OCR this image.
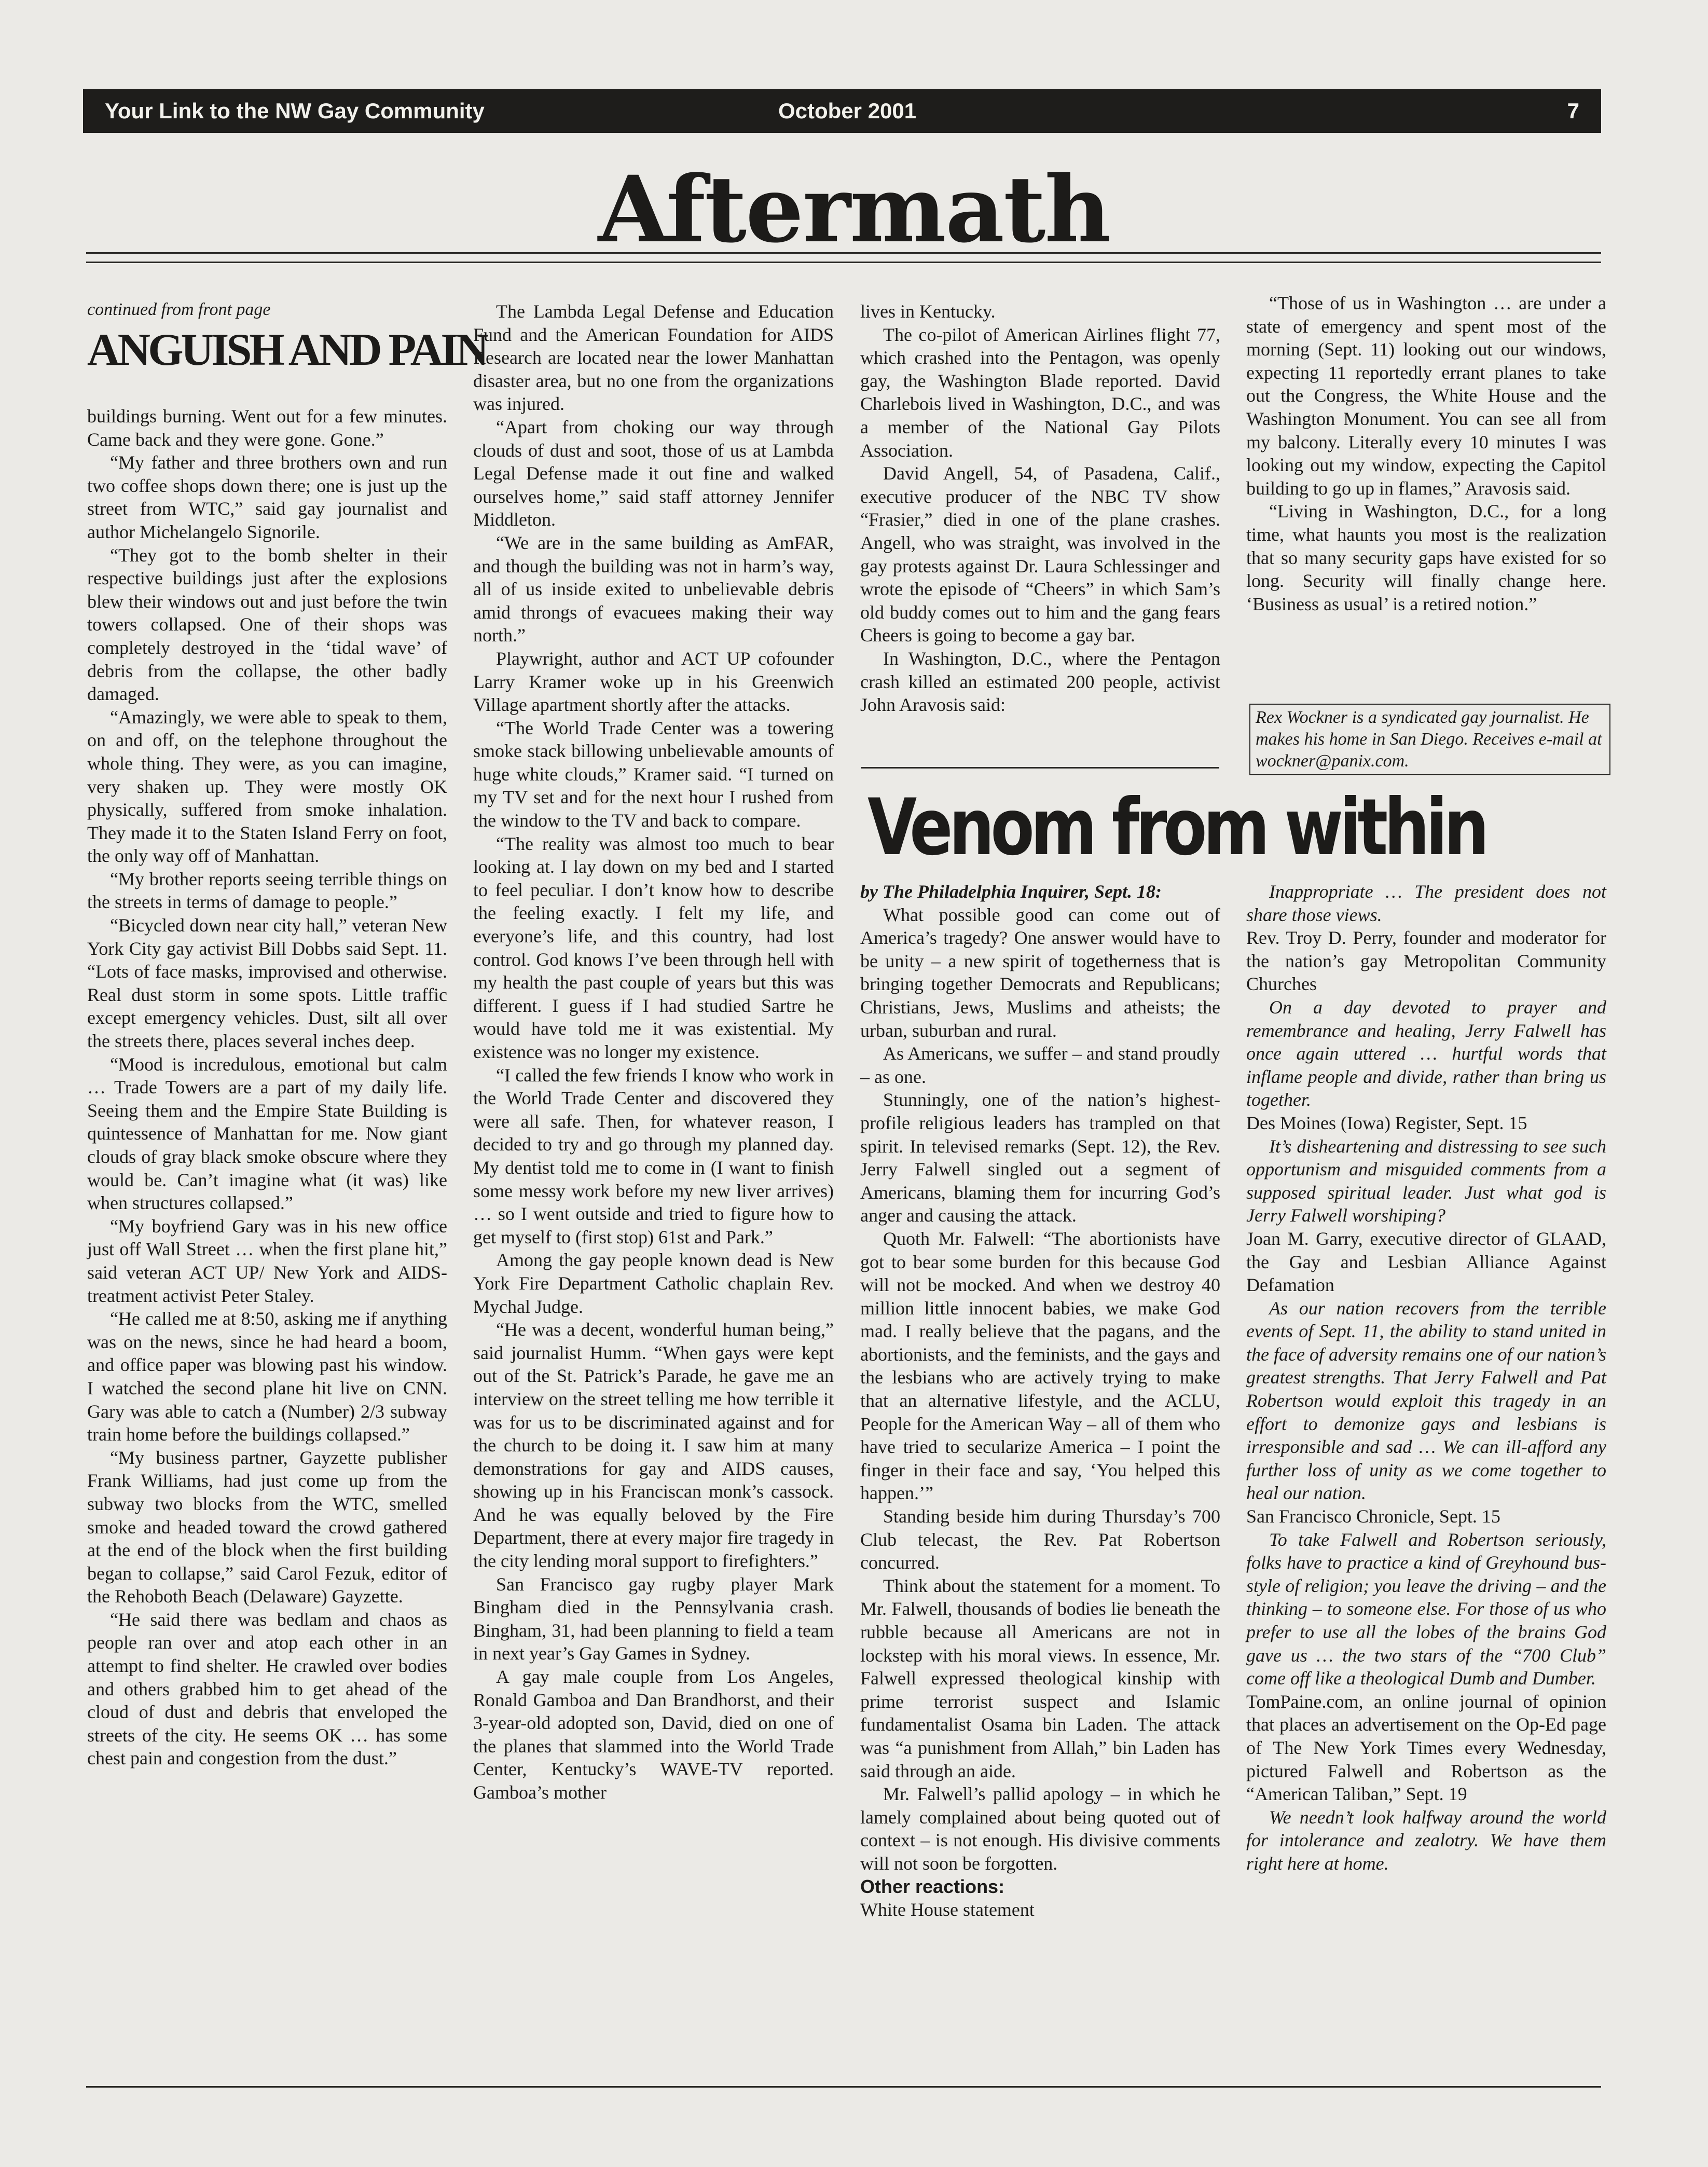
Your Link to the NW Gay Community	October 2001	7
Aftermath
continued from front page
ANGUISH AND PAIN

buildings burning. Went out for a few minutes. Came back and they were gone. Gone.”

“My father and three brothers own and run two coffee shops down there; one is just up the street from WTC,” said gay journalist and author Michelangelo Signorile.

“They got to the bomb shelter in their respective buildings just after the explosions blew their windows out and just before the twin towers collapsed. One of their shops was completely destroyed in the ‘tidal wave’ of debris from the collapse, the other badly damaged.

“Amazingly, we were able to speak to them, on and off, on the telephone throughout the whole thing. They were, as you can imagine, very shaken up. They were mostly OK physically, suffered from smoke inhalation. They made it to the Staten Island Ferry on foot, the only way off of Manhattan.

“My brother reports seeing terrible things on the streets in terms of damage to people.”

“Bicycled down near city hall,” veteran New York City gay activist Bill Dobbs said Sept. 11. “Lots of face masks, improvised and otherwise. Real dust storm in some spots. Little traffic except emergency vehicles. Dust, silt all over the streets there, places several inches deep.

“Mood is incredulous, emotional but calm … Trade Towers are a part of my daily life. Seeing them and the Empire State Building is quintessence of Manhattan for me. Now giant clouds of gray black smoke obscure where they would be. Can’t imagine what (it was) like when structures collapsed.”

“My boyfriend Gary was in his new office just off Wall Street … when the first plane hit,” said veteran ACT UP/ New York and AIDS-treatment activist Peter Staley.

“He called me at 8:50, asking me if anything was on the news, since he had heard a boom, and office paper was blowing past his window. I watched the second plane hit live on CNN. Gary was able to catch a (Number) 2/3 subway train home before the buildings collapsed.”

“My business partner, Gayzette publisher Frank Williams, had just come up from the subway two blocks from the WTC, smelled smoke and headed toward the crowd gathered at the end of the block when the first building began to collapse,” said Carol Fezuk, editor of the Rehoboth Beach (Delaware) Gayzette.

“He said there was bedlam and chaos as people ran over and atop each other in an attempt to find shelter. He crawled over bodies and others grabbed him to get ahead of the cloud of dust and debris that enveloped the streets of the city. He seems OK … has some chest pain and congestion from the dust.”

The Lambda Legal Defense and Education Fund and the American Foundation for AIDS Research are located near the lower Manhattan disaster area, but no one from the organizations was injured.

“Apart from choking our way through clouds of dust and soot, those of us at Lambda Legal Defense made it out fine and walked ourselves home,” said staff attorney Jennifer Middleton.

“We are in the same building as AmFAR, and though the building was not in harm’s way, all of us inside exited to unbelievable debris amid throngs of evacuees making their way north.”

Playwright, author and ACT UP cofounder Larry Kramer woke up in his Greenwich Village apartment shortly after the attacks.

“The World Trade Center was a towering smoke stack billowing unbelievable amounts of huge white clouds,” Kramer said. “I turned on my TV set and for the next hour I rushed from the window to the TV and back to compare.

“The reality was almost too much to bear looking at. I lay down on my bed and I started to feel peculiar. I don’t know how to describe the feeling exactly. I felt my life, and everyone’s life, and this country, had lost control. God knows I’ve been through hell with my health the past couple of years but this was different. I guess if I had studied Sartre he would have told me it was existential. My existence was no longer my existence.

“I called the few friends I know who work in the World Trade Center and discovered they were all safe. Then, for whatever reason, I decided to try and go through my planned day. My dentist told me to come in (I want to finish some messy work before my new liver arrives) … so I went outside and tried to figure how to get myself to (first stop) 61st and Park.”

Among the gay people known dead is New York Fire Department Catholic chaplain Rev. Mychal Judge.

“He was a decent, wonderful human being,” said journalist Humm. “When gays were kept out of the St. Patrick’s Parade, he gave me an interview on the street telling me how terrible it was for us to be discriminated against and for the church to be doing it. I saw him at many demonstrations for gay and AIDS causes, showing up in his Franciscan monk’s cassock. And he was equally beloved by the Fire Department, there at every major fire tragedy in the city lending moral support to firefighters.”

San Francisco gay rugby player Mark Bingham died in the Pennsylvania crash. Bingham, 31, had been planning to field a team in next year’s Gay Games in Sydney.

A gay male couple from Los Angeles, Ronald Gamboa and Dan Brandhorst, and their 3-year-old adopted son, David, died on one of the planes that slammed into the World Trade Center, Kentucky’s WAVE-TV reported. Gamboa’s mother

lives in Kentucky.

The co-pilot of American Airlines flight 77, which crashed into the Pentagon, was openly gay, the Washington Blade reported. David Charlebois lived in Washington, D.C., and was a member of the National Gay Pilots Association.

David Angell, 54, of Pasadena, Calif., executive producer of the NBC TV show “Frasier,” died in one of the plane crashes. Angell, who was straight, was involved in the gay protests against Dr. Laura Schlessinger and wrote the episode of “Cheers” in which Sam’s old buddy comes out to him and the gang fears Cheers is going to become a gay bar.

In Washington, D.C., where the Pentagon crash killed an estimated 200 people, activist John Aravosis said:

“Those of us in Washington … are under a state of emergency and spent most of the morning (Sept. 11) looking out our windows, expecting 11 reportedly errant planes to take out the Congress, the White House and the Washington Monument. You can see all from my balcony. Literally every 10 minutes I was looking out my window, expecting the Capitol building to go up in flames,” Aravosis said.

“Living in Washington, D.C., for a long time, what haunts you most is the realization that so many security gaps have existed for so long. Security will finally change here. ‘Business as usual’ is a retired notion.”

Rex Wockner is a syndicated gay journalist. He makes his home in San Diego. Receives e-mail at wockner@panix.com.
Venom from within

by The Philadelphia Inquirer, Sept. 18:

What possible good can come out of America’s tragedy? One answer would have to be unity – a new spirit of togetherness that is bringing together Democrats and Republicans; Christians, Jews, Muslims and atheists; the urban, suburban and rural.

As Americans, we suffer – and stand proudly – as one.

Stunningly, one of the nation’s highest-profile religious leaders has trampled on that spirit. In televised remarks (Sept. 12), the Rev. Jerry Falwell singled out a segment of Americans, blaming them for incurring God’s anger and causing the attack.

Quoth Mr. Falwell: “The abortionists have got to bear some burden for this because God will not be mocked. And when we destroy 40 million little innocent babies, we make God mad. I really believe that the pagans, and the abortionists, and the feminists, and the gays and the lesbians who are actively trying to make that an alternative lifestyle, and the ACLU, People for the American Way – all of them who have tried to secularize America – I point the finger in their face and say, ‘You helped this happen.’”

Standing beside him during Thursday’s 700 Club telecast, the Rev. Pat Robertson concurred.

Think about the statement for a moment. To Mr. Falwell, thousands of bodies lie beneath the rubble because all Americans are not in lockstep with his moral views. In essence, Mr. Falwell expressed theological kinship with prime terrorist suspect and Islamic fundamentalist Osama bin Laden. The attack was “a punishment from Allah,” bin Laden has said through an aide.

Mr. Falwell’s pallid apology – in which he lamely complained about being quoted out of context – is not enough. His divisive comments will not soon be forgotten.

Other reactions:

White House statement

Inappropriate … The president does not share those views.

Rev. Troy D. Perry, founder and moderator for the nation’s gay Metropolitan Community Churches

On a day devoted to prayer and remembrance and healing, Jerry Falwell has once again uttered … hurtful words that inflame people and divide, rather than bring us together.

Des Moines (Iowa) Register, Sept. 15

It’s disheartening and distressing to see such opportunism and misguided comments from a supposed spiritual leader. Just what god is Jerry Falwell worshiping?

Joan M. Garry, executive director of GLAAD, the Gay and Lesbian Alliance Against Defamation

As our nation recovers from the terrible events of Sept. 11, the ability to stand united in the face of adversity remains one of our nation’s greatest strengths. That Jerry Falwell and Pat Robertson would exploit this tragedy in an effort to demonize gays and lesbians is irresponsible and sad … We can ill-afford any further loss of unity as we come together to heal our nation.

San Francisco Chronicle, Sept. 15

To take Falwell and Robertson seriously, folks have to practice a kind of Greyhound bus-style of religion; you leave the driving – and the thinking – to someone else. For those of us who prefer to use all the lobes of the brains God gave us … the two stars of the “700 Club” come off like a theological Dumb and Dumber.

TomPaine.com, an online journal of opinion that places an advertisement on the Op-Ed page of The New York Times every Wednesday, pictured Falwell and Robertson as the “American Taliban,” Sept. 19

We needn’t look halfway around the world for intolerance and zealotry. We have them right here at home.
